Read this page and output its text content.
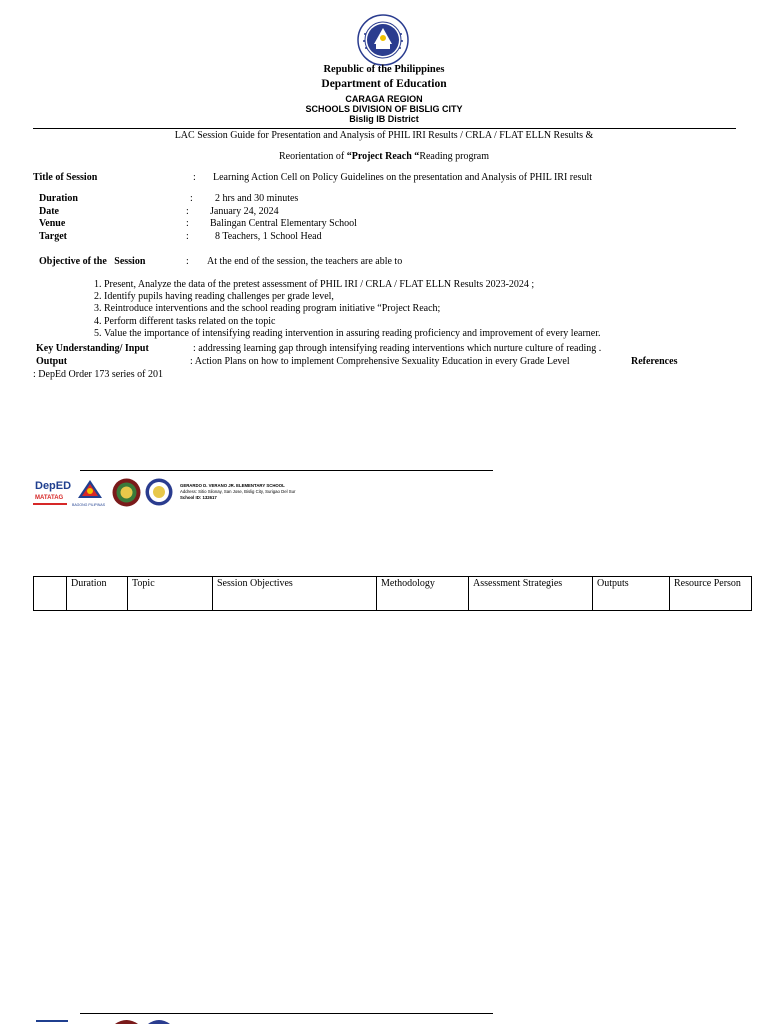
Republic of the Philippines
Department of Education
CARAGA REGION
SCHOOLS DIVISION OF BISLIG CITY
Bislig IB District
LAC Session Guide for Presentation and Analysis of PHIL IRI Results / CRLA / FLAT ELLN Results &
Reorientation of “Project Reach “Reading program
Title of Session	: Learning Action Cell on Policy Guidelines on the presentation and Analysis of PHIL IRI result
Duration	: 2 hrs and 30 minutes
Date	: January 24, 2024
Venue	: Balingan Central Elementary School
Target	:	8 Teachers, 1 School Head
Objective of the   Session	: At the end of the session, the teachers are able to
1. Present, Analyze the data of the pretest assessment of PHIL IRI / CRLA / FLAT ELLN Results 2023-2024 ;
2. Identify pupils having reading challenges per grade level,
3. Reintroduce interventions and the school reading program initiative “Project Reach;
4. Perform different tasks related on the topic
5. Value the importance of intensifying reading intervention in assuring reading proficiency and improvement of every learner.
Key Understanding/ Input	: addressing learning gap through intensifying reading interventions which nurture culture of reading .
Output	: Action Plans on how to implement Comprehensive Sexuality Education in every Grade Level	References
: DepEd Order 173 series of 201
DepED
MATATAG
BAGONG PILIPINAS
GERARDO D. VERANO JR. ELEMENTARY SCHOOL
Address: Sitio Silonay, San Jose, Bislig City, Surigao Del Sur
School ID: 132617
	Duration	Topic	Session Objectives	Methodology	Assessment Strategies	Outputs	Resource Person
